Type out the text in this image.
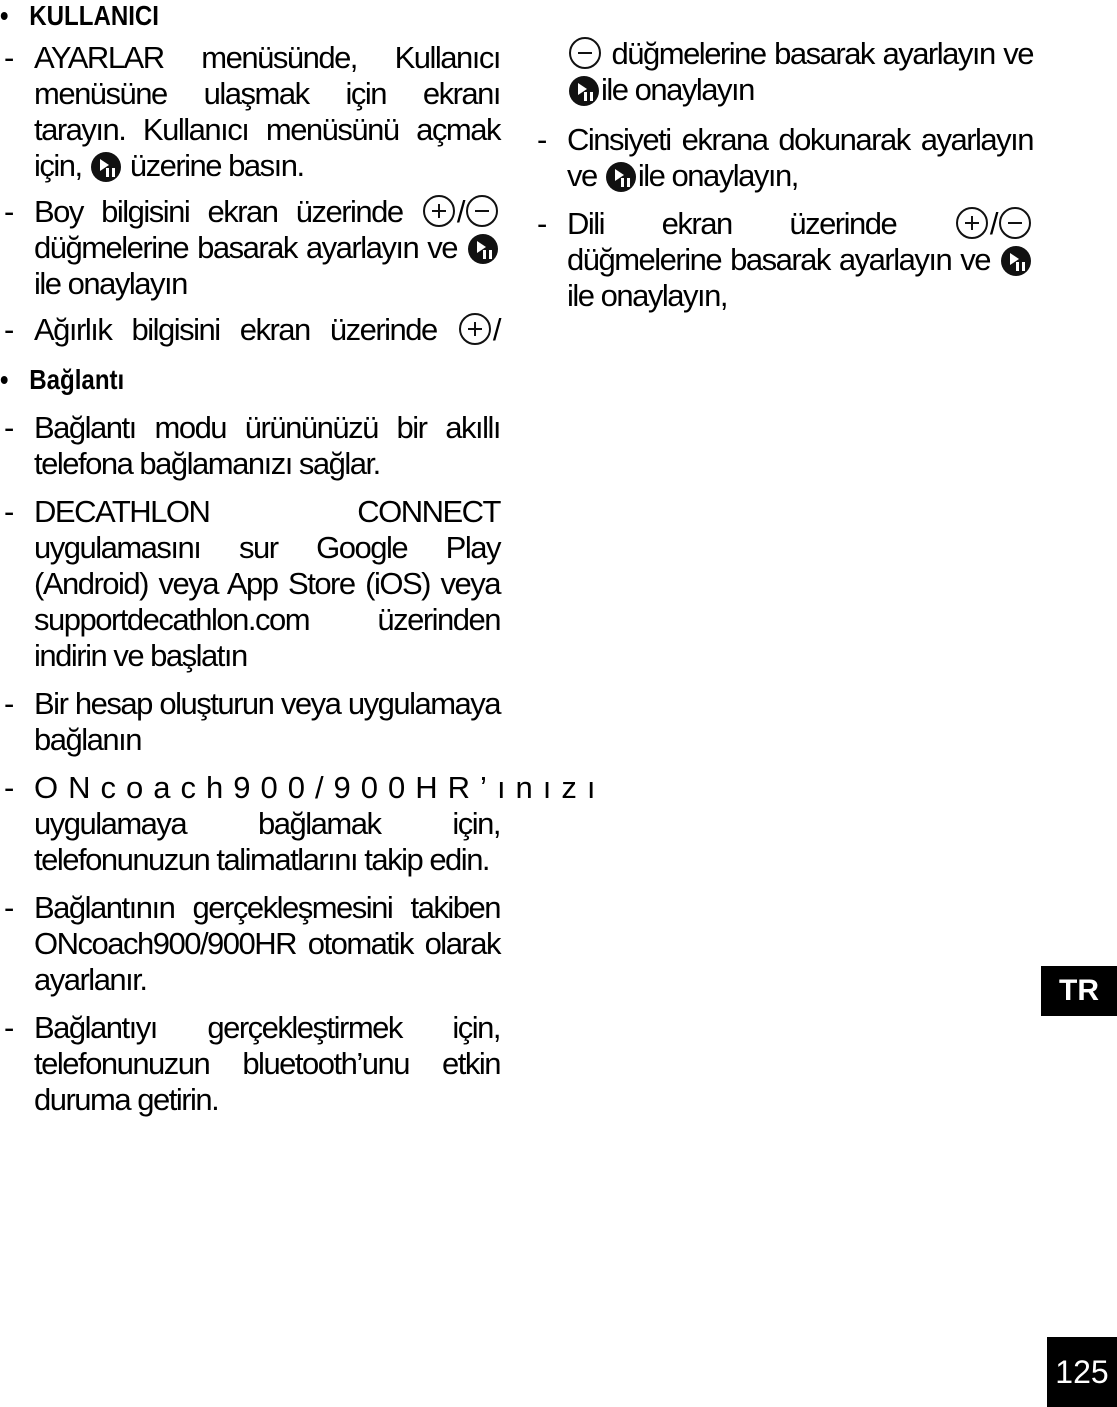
• KULLANICI
- AYARLAR menüsünde, Kullanıcı menüsüne ulaşmak için ekranı tarayın. Kullanıcı menüsünü açmak için,  üzerine basın.
- Boy bilgisini ekran üzerinde / düğmelerine basarak ayarlayın ve ile onaylayın
- Ağırlık bilgisini ekran üzerinde /
• Bağlantı
- Bağlantı modu ürününüzü bir akıllı telefona bağlamanızı sağlar.
- DECATHLON CONNECT uygulamasını sur Google Play (Android) veya App Store (iOS) veya supportdecathlon.com üzerinden indirin ve başlatın
- Bir hesap oluşturun veya uygulamaya bağlanın
- ONcoach900/900HR’ınızı
uygulamaya bağlamak için, telefonunuzun talimatlarını takip edin.
- Bağlantının gerçekleşmesini takiben ONcoach900/900HR otomatik olarak ayarlanır.
- Bağlantıyı gerçekleştirmek için, telefonunuzun bluetooth’unu etkin duruma getirin.
düğmelerine basarak ayarlayın ve ile onaylayın
- Cinsiyeti ekrana dokunarak ayarlayın ve ile onaylayın,
- Dili ekran üzerinde / düğmelerine basarak ayarlayın ve ile onaylayın,
TR
125
